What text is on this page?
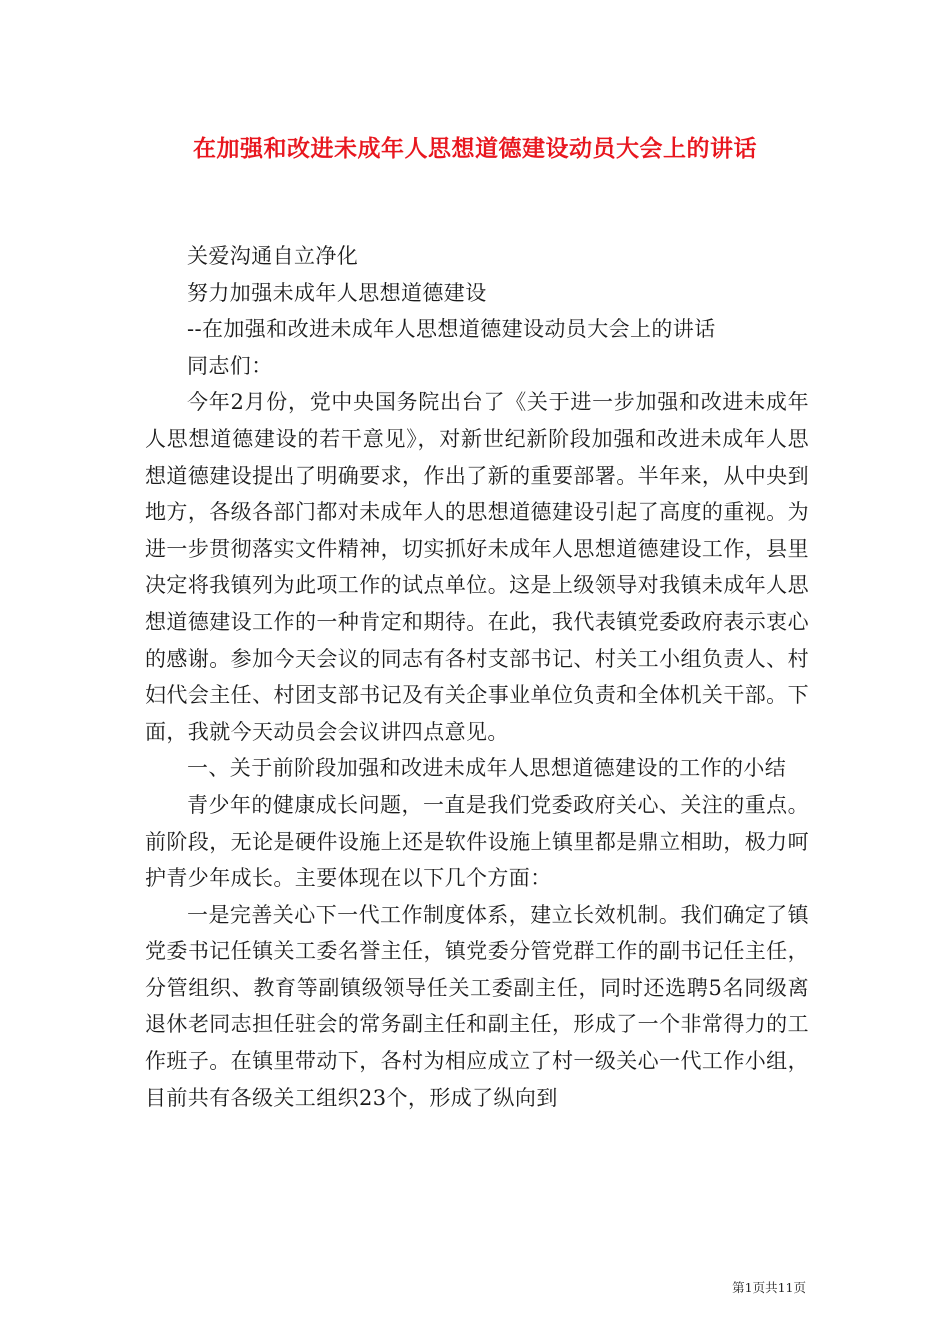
在加强和改进未成年人思想道德建设动员大会上的讲话

关爱沟通自立净化

努力加强未成年人思想道德建设

--在加强和改进未成年人思想道德建设动员大会上的讲话

同志们：

今年2月份，党中央国务院出台了《关于进一步加强和改进未成年人思想道德建设的若干意见》，对新世纪新阶段加强和改进未成年人思想道德建设提出了明确要求，作出了新的重要部署。半年来，从中央到地方，各级各部门都对未成年人的思想道德建设引起了高度的重视。为进一步贯彻落实文件精神，切实抓好未成年人思想道德建设工作，县里决定将我镇列为此项工作的试点单位。这是上级领导对我镇未成年人思想道德建设工作的一种肯定和期待。在此，我代表镇党委政府表示衷心的感谢。参加今天会议的同志有各村支部书记、村关工小组负责人、村妇代会主任、村团支部书记及有关企事业单位负责和全体机关干部。下面，我就今天动员会会议讲四点意见。

一、关于前阶段加强和改进未成年人思想道德建设的工作的小结

青少年的健康成长问题，一直是我们党委政府关心、关注的重点。前阶段，无论是硬件设施上还是软件设施上镇里都是鼎立相助，极力呵护青少年成长。主要体现在以下几个方面：

一是完善关心下一代工作制度体系，建立长效机制。我们确定了镇党委书记任镇关工委名誉主任，镇党委分管党群工作的副书记任主任，分管组织、教育等副镇级领导任关工委副主任，同时还选聘5名同级离退休老同志担任驻会的常务副主任和副主任，形成了一个非常得力的工作班子。在镇里带动下，各村为相应成立了村一级关心一代工作小组，目前共有各级关工组织23个，形成了纵向到

第1页共11页
